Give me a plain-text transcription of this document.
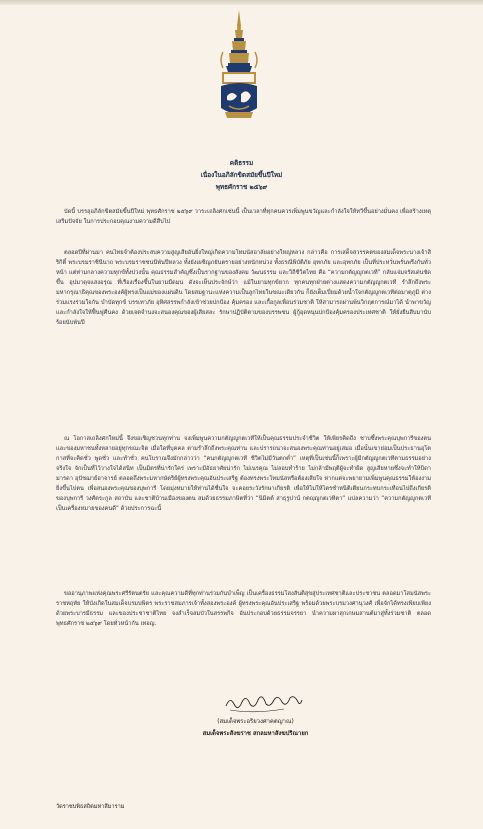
คติธรรม
เนื่องในอภิลักขิตสมัยขึ้นปีใหม่
พุทธศักราช ๒๕๖๙
บัดนี้ บรรลุอภิลักขิตสมัยขึ้นปีใหม่ พุทธศักราช ๒๕๖๙ วาระเถลิงศกเช่นนี้ เป็นเวลาที่ทุกคนควรเพิ่มพูนขวัญและกำลังใจให้ทวีขึ้นอย่างมั่นคง เพื่อสร้างเหตุเสริมปัจจัย ในการประกอบคุณงามความดีสืบไป
ตลอดปีที่ผ่านมา คนไทยจำต้องประสบความสูญเสียอันยิ่งใหญ่เกิดความโทมนัสอาลัยอย่างใหญ่หลวง กล่าวคือ การเสด็จสวรรคตของสมเด็จพระนางเจ้าสิริกิติ์ พระบรมราชินีนาถ พระบรมราชชนนีพันปีหลวง ทั้งยังเผชิญภยันตรายอย่างหนักหน่วง ทั้งธรณีพิบัติภัย อุทกภัย และอุทกภัย เป็นที่ประหวั่นพรั่นพรึงกันทั่วหน้า แต่ท่ามกลางความทุกข์ทั้งปวงนั้น คุณธรรมสำคัญซึ่งเป็นรากฐานของสังคม วัฒนธรรม และวิถีชีวิตไทย คือ “ความกตัญญูกตเวที” กลับแจ่มจรัสเด่นชัดขึ้น อุปมาดุจแสงอรุณ ที่เรืองเรื่องขึ้นในยามมืดมน ดังจะเห็นประจักษ์ว่า แม้ในยามทุกข์ยาก ทุกคนทุกฝ่ายต่างแสดงความกตัญญูกตเวที รำลึกถึงพระมหากรุณาธิคุณของพระองค์ผู้ทรงเป็นแม่ของแผ่นดิน โดยสมฐานะแห่งความเป็นลูกไทยในขณะเดียวกัน ก็ยังเต็มเปี่ยมด้วยน้ำใจกตัญญูกตเวทีต่อมาตุภูมิ ต่างร่วมแรงร่วมใจกัน บำบัดทุกข์ บรรเทาภัย อุทิศสรรพกำลังเข้าช่วยปกป้อง คุ้มครอง และเกื้อกูลเพื่อนร่วมชาติ ให้สามารถผ่านพ้นวิกฤตการณ์มาได้ นำพาขวัญและกำลังใจให้ฟื้นฟูคืนคง ด้วยเจตจำนงจะสนองคุณของผู้เสียสละ รักษาปฏิบัติตามของบรรพชน ผู้กู้อุดหนุนปกป้องคุ้มครองประเทศชาติ ให้ยั่งยืนสืบมานับร้อยนับพันปี
ณ โอกาสเถลิงศกใหม่นี้ จึงขอเชิญชวนทุกท่าน จงเพิ่มพูนความกตัญญูกตเวทีให้เป็นคุณธรรมประจำชีวิต ให้เพียรคิดถึง ชาบซึ้งพระคุณบุพการีของตน และของมหาชนทั้งหลายอยู่ทุกขณะจิต เมื่อใดที่บุคคล ตามรำลึกถึงพระคุณท่าน และปรารถนาจะสนองพระคุณท่านอยู่เสมอ เมื่อนั้นเขาย่อมเป็นประธานอุโตกาสที่จะคิดชั่ว พูดชั่ว และทำชั่ว คนโบราณจึงมักกล่าวว่า “คนกตัญญูกตเวที ชีวิตไม่มีวันตกต่ำ” เหตุที่เป็นเช่นนี้ก็เพราะผู้มีกตัญญูกตเวทีตามธรรมอย่างจริงใจ จักเป็นที่ไว้วางใจได้สนิท เป็นมิตรที่น่ารักใคร่ เพราะมีอัธยาศัยน่ารัก ไม่เนรคุณ ไม่ลอบทำร้าย ไม่กล้ามีพฤติผู้จะทำผิด สูญเสียหายซึ่งจะทำให้บิดามารดา อุปัชฌาย์อาจารย์ ตลอดถึงพระมหากษัตริย์ผู้ทรงพระคุณอันประเสริฐ ต้องทรงพระโทมนัสหรือต้องเสียใจ หากแต่จะพยายามเพิ่มพูนคุณธรรมให้องงามยิ่งขึ้นไปตน เพื่อสนองพระคุณของบุพการี โดยมุ่งหมายให้ท่านได้ชื่นใจ จะคอยระวังรักษาเกียรติ เพื่อให้ไม่ให้ไตรชำหนิติเตียนกระทบกระเทือนไปถึงเกียรติของบุพการี วงศ์ตระกูล สถาบัน และชาติบ้านเมืองของตน สมด้วยธรรมภาษิตที่ว่า “นิมิตต์ สาธุรูปานํ กตญฺญูกตเวทิตา” แปลความว่า “ความกตัญญูกตเวทีเป็นเครื่องหมายของคนดี” ด้วยประการฉะนี้
ขออานุภาพแห่งคุณพระศรีรัตนตรัย และคุณความดีที่ทุกท่านร่วมกันบำเพ็ญ เป็นเครื่องธรรมโสงสันติสุขสู่ประเทศชาติและประชาชน ตลอดมาโสมนัสพระราชหฤทัย ให้บังเกิดในสมเด็จบรมบพิตร พระราชสมภารเจ้าทั้งสองพระองค์ ผู้ทรงพระคุณอันประเสริฐ พร้อมด้วยพระบรมวงศานุวงศ์ เพื่อจักได้ทรงเพียบเพียงด้วยพระบารมีธรรม และของประชาชาติไทย จงสำเร็จสมบัวในสรรพกิจ อันประกอบด้วยธรรมจรรยา นำความผาสุกเกษมสานต์มาสู่ทั้งร่วมชาติ ตลอดพุทธศักราช ๒๕๖๙ โดยทั่วหน้ากัน เทอญ.
(สมเด็จพระอริยวงศาคตญาณ)
สมเด็จพระสังฆราช สกลมหาสังฆปริณายก
วัดราชบพิธสถิตมหาสีมาราม
